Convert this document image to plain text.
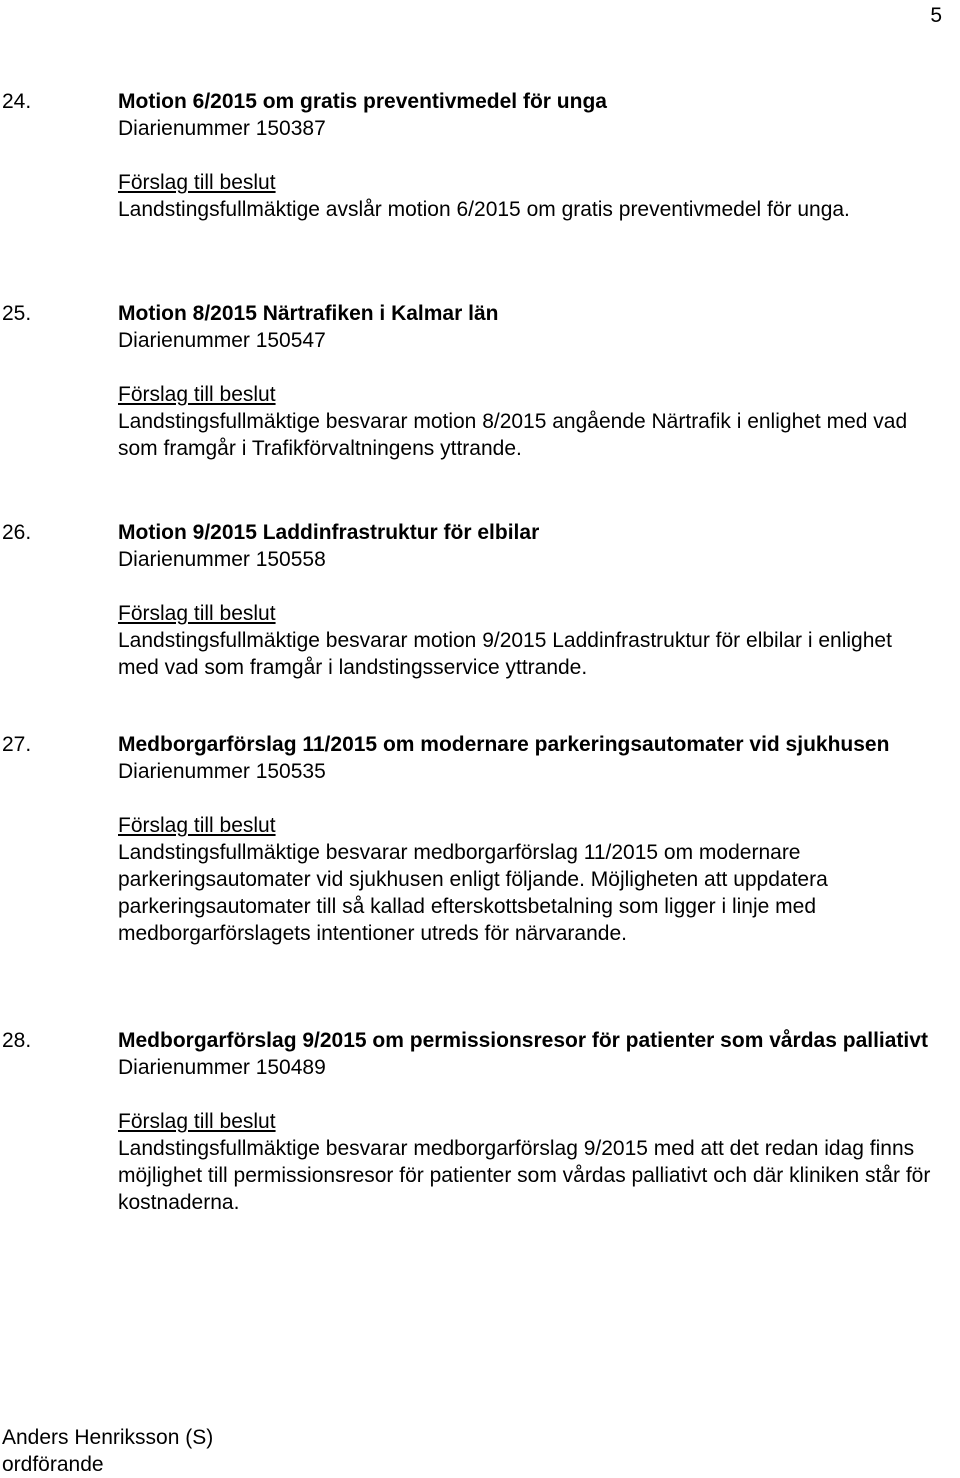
5
24.	Motion 6/2015 om gratis preventivmedel för unga
Diarienummer 150387
Förslag till beslut
Landstingsfullmäktige avslår motion 6/2015 om gratis preventivmedel för unga.
25.	Motion 8/2015 Närtrafiken i Kalmar län
Diarienummer 150547
Förslag till beslut
Landstingsfullmäktige besvarar motion 8/2015 angående Närtrafik i enlighet med vad som framgår i Trafikförvaltningens yttrande.
26.	Motion 9/2015 Laddinfrastruktur för elbilar
Diarienummer 150558
Förslag till beslut
Landstingsfullmäktige besvarar motion 9/2015 Laddinfrastruktur för elbilar i enlighet med vad som framgår i landstingsservice yttrande.
27.	Medborgarförslag 11/2015 om modernare parkeringsautomater vid sjukhusen
Diarienummer 150535
Förslag till beslut
Landstingsfullmäktige besvarar medborgarförslag 11/2015 om modernare parkeringsautomater vid sjukhusen enligt följande. Möjligheten att uppdatera parkeringsautomater till så kallad efterskottsbetalning som ligger i linje med medborgarförslagets intentioner utreds för närvarande.
28.	Medborgarförslag 9/2015 om permissionsresor för patienter som vårdas palliativt
Diarienummer 150489
Förslag till beslut
Landstingsfullmäktige besvarar medborgarförslag 9/2015 med att det redan idag finns möjlighet till permissionsresor för patienter som vårdas palliativt och där kliniken står för kostnaderna.
Anders Henriksson (S)
ordförande
